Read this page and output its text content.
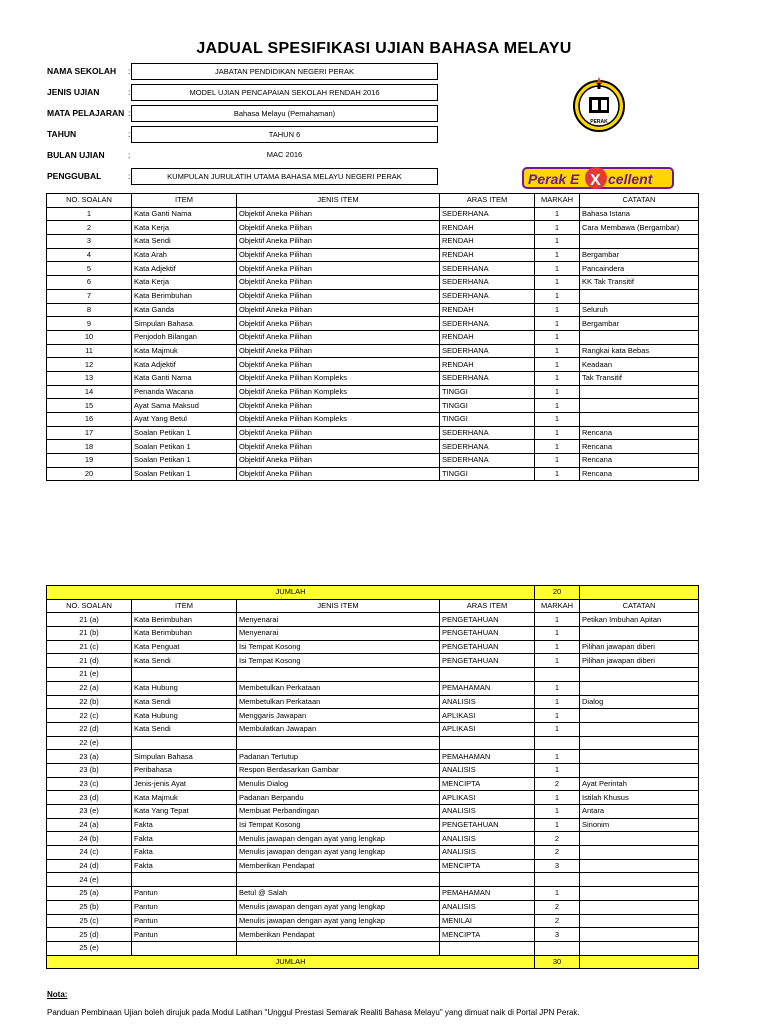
JADUAL SPESIFIKASI UJIAN BAHASA MELAYU
NAMA SEKOLAH :	JABATAN PENDIDIKAN NEGERI PERAK
JENIS UJIAN	:	MODEL UJIAN PENCAPAIAN SEKOLAH RENDAH 2016
MATA PELAJARAN :	Bahasa Melayu (Pemahaman)
TAHUN	:	TAHUN 6
BULAN UJIAN	:	MAC 2016
PENGGUBAL	:	KUMPULAN JURULATIH UTAMA BAHASA MELAYU NEGERI PERAK
PERAK
Perak E X cellent
NO. SOALAN	ITEM	JENIS ITEM	ARAS ITEM	MARKAH	CATATAN
1	Kata Ganti Nama	Objektif Aneka Pilihan	SEDERHANA	1	Bahasa Istana
2	Kata Kerja	Objektif Aneka Pilihan	RENDAH	1	Cara Membawa (Bergambar)
3	Kata Sendi	Objektif Aneka Pilihan	RENDAH	1	
4	Kata Arah	Objektif Aneka Pilihan	RENDAH	1	Bergambar
5	Kata Adjektif	Objektif Aneka Pilihan	SEDERHANA	1	Pancaindera
6	Kata Kerja	Objektif Aneka Pilihan	SEDERHANA	1	KK Tak Transitif
7	Kata Berimbuhan	Objektif Aneka Pilihan	SEDERHANA	1	
8	Kata Ganda	Objektif Aneka Pilihan	RENDAH	1	Seluruh
9	Simpulan Bahasa	Objektif Aneka Pilihan	SEDERHANA	1	Bergambar
10	Penjodoh Bilangan	Objektif Aneka Pilihan	RENDAH	1	
11	Kata Majmuk	Objektif Aneka Pilihan	SEDERHANA	1	Rangkai kata Bebas
12	Kata Adjektif	Objektif Aneka Pilihan	RENDAH	1	Keadaan
13	Kata Ganti Nama	Objektif Aneka Pilihan Kompleks	SEDERHANA	1	Tak Transitif
14	Penanda Wacana	Objektif Aneka Pilihan Kompleks	TINGGI	1	
15	Ayat Sama Maksud	Objektif Aneka Pilihan	TINGGI	1	
16	Ayat Yang Betul	Objektif Aneka Pilihan Kompleks	TINGGI	1	
17	Soalan Petikan 1	Objektif Aneka Pilihan	SEDERHANA	1	Rencana
18	Soalan Petikan 1	Objektif Aneka Pilihan	SEDERHANA	1	Rencana
19	Soalan Petikan 1	Objektif Aneka Pilihan	SEDERHANA	1	Rencana
20	Soalan Petikan 1	Objektif Aneka Pilihan	TINGGI	1	Rencana
JUMLAH				20	
NO. SOALAN	ITEM	JENIS ITEM	ARAS ITEM	MARKAH	CATATAN
21 (a)	Kata Berimbuhan	Menyenarai	PENGETAHUAN	1	Petikan Imbuhan Apitan
21 (b)	Kata Berimbuhan	Menyenarai	PENGETAHUAN	1	
21 (c)	Kata Penguat	Isi Tempat Kosong	PENGETAHUAN	1	Pilihan jawapan diberi
21 (d)	Kata Sendi	Isi Tempat Kosong	PENGETAHUAN	1	Pilihan jawapan diberi
21 (e)					
22 (a)	Kata Hubung	Membetulkan Perkataan	PEMAHAMAN	1	
22 (b)	Kata Sendi	Membetulkan Perkataan	ANALISIS	1	Dialog
22 (c)	Kata Hubung	Menggaris Jawapan	APLIKASI	1	
22 (d)	Kata Sendi	Membulatkan Jawapan	APLIKASI	1	
22 (e)					
23 (a)	Simpulan Bahasa	Padanan Tertutup	PEMAHAMAN	1	
23 (b)	Peribahasa	Respon Berdasarkan Gambar	ANALISIS	1	
23 (c)	Jenis-jenis Ayat	Menulis Dialog	MENCIPTA	2	Ayat Perintah
23 (d)	Kata Majmuk	Padanan Berpandu	APLIKASI	1	Istilah Khusus
23 (e)	Kata Yang Tepat	Membuat Perbandingan	ANALISIS	1	Antara
24 (a)	Fakta	Isi Tempat Kosong	PENGETAHUAN	1	Sinonim
24 (b)	Fakta	Menulis jawapan dengan ayat yang lengkap	ANALISIS	2	
24 (c)	Fakta	Menulis jawapan dengan ayat yang lengkap	ANALISIS	2	
24 (d)	Fakta	Memberikan Pendapat	MENCIPTA	3	
24 (e)					
25 (a)	Pantun	Betul @ Salah	PEMAHAMAN	1	
25 (b)	Pantun	Menulis jawapan dengan ayat yang lengkap	ANALISIS	2	
25 (c)	Pantun	Menulis jawapan dengan ayat yang lengkap	MENILAI	2	
25 (d)	Pantun	Memberikan Pendapat	MENCIPTA	3	
25 (e)					
JUMLAH				30	
Nota:
Panduan Pembinaan Ujian boleh dirujuk pada Modul Latihan "Unggul Prestasi Semarak Realiti Bahasa Melayu" yang dimuat naik di Portal JPN Perak.
